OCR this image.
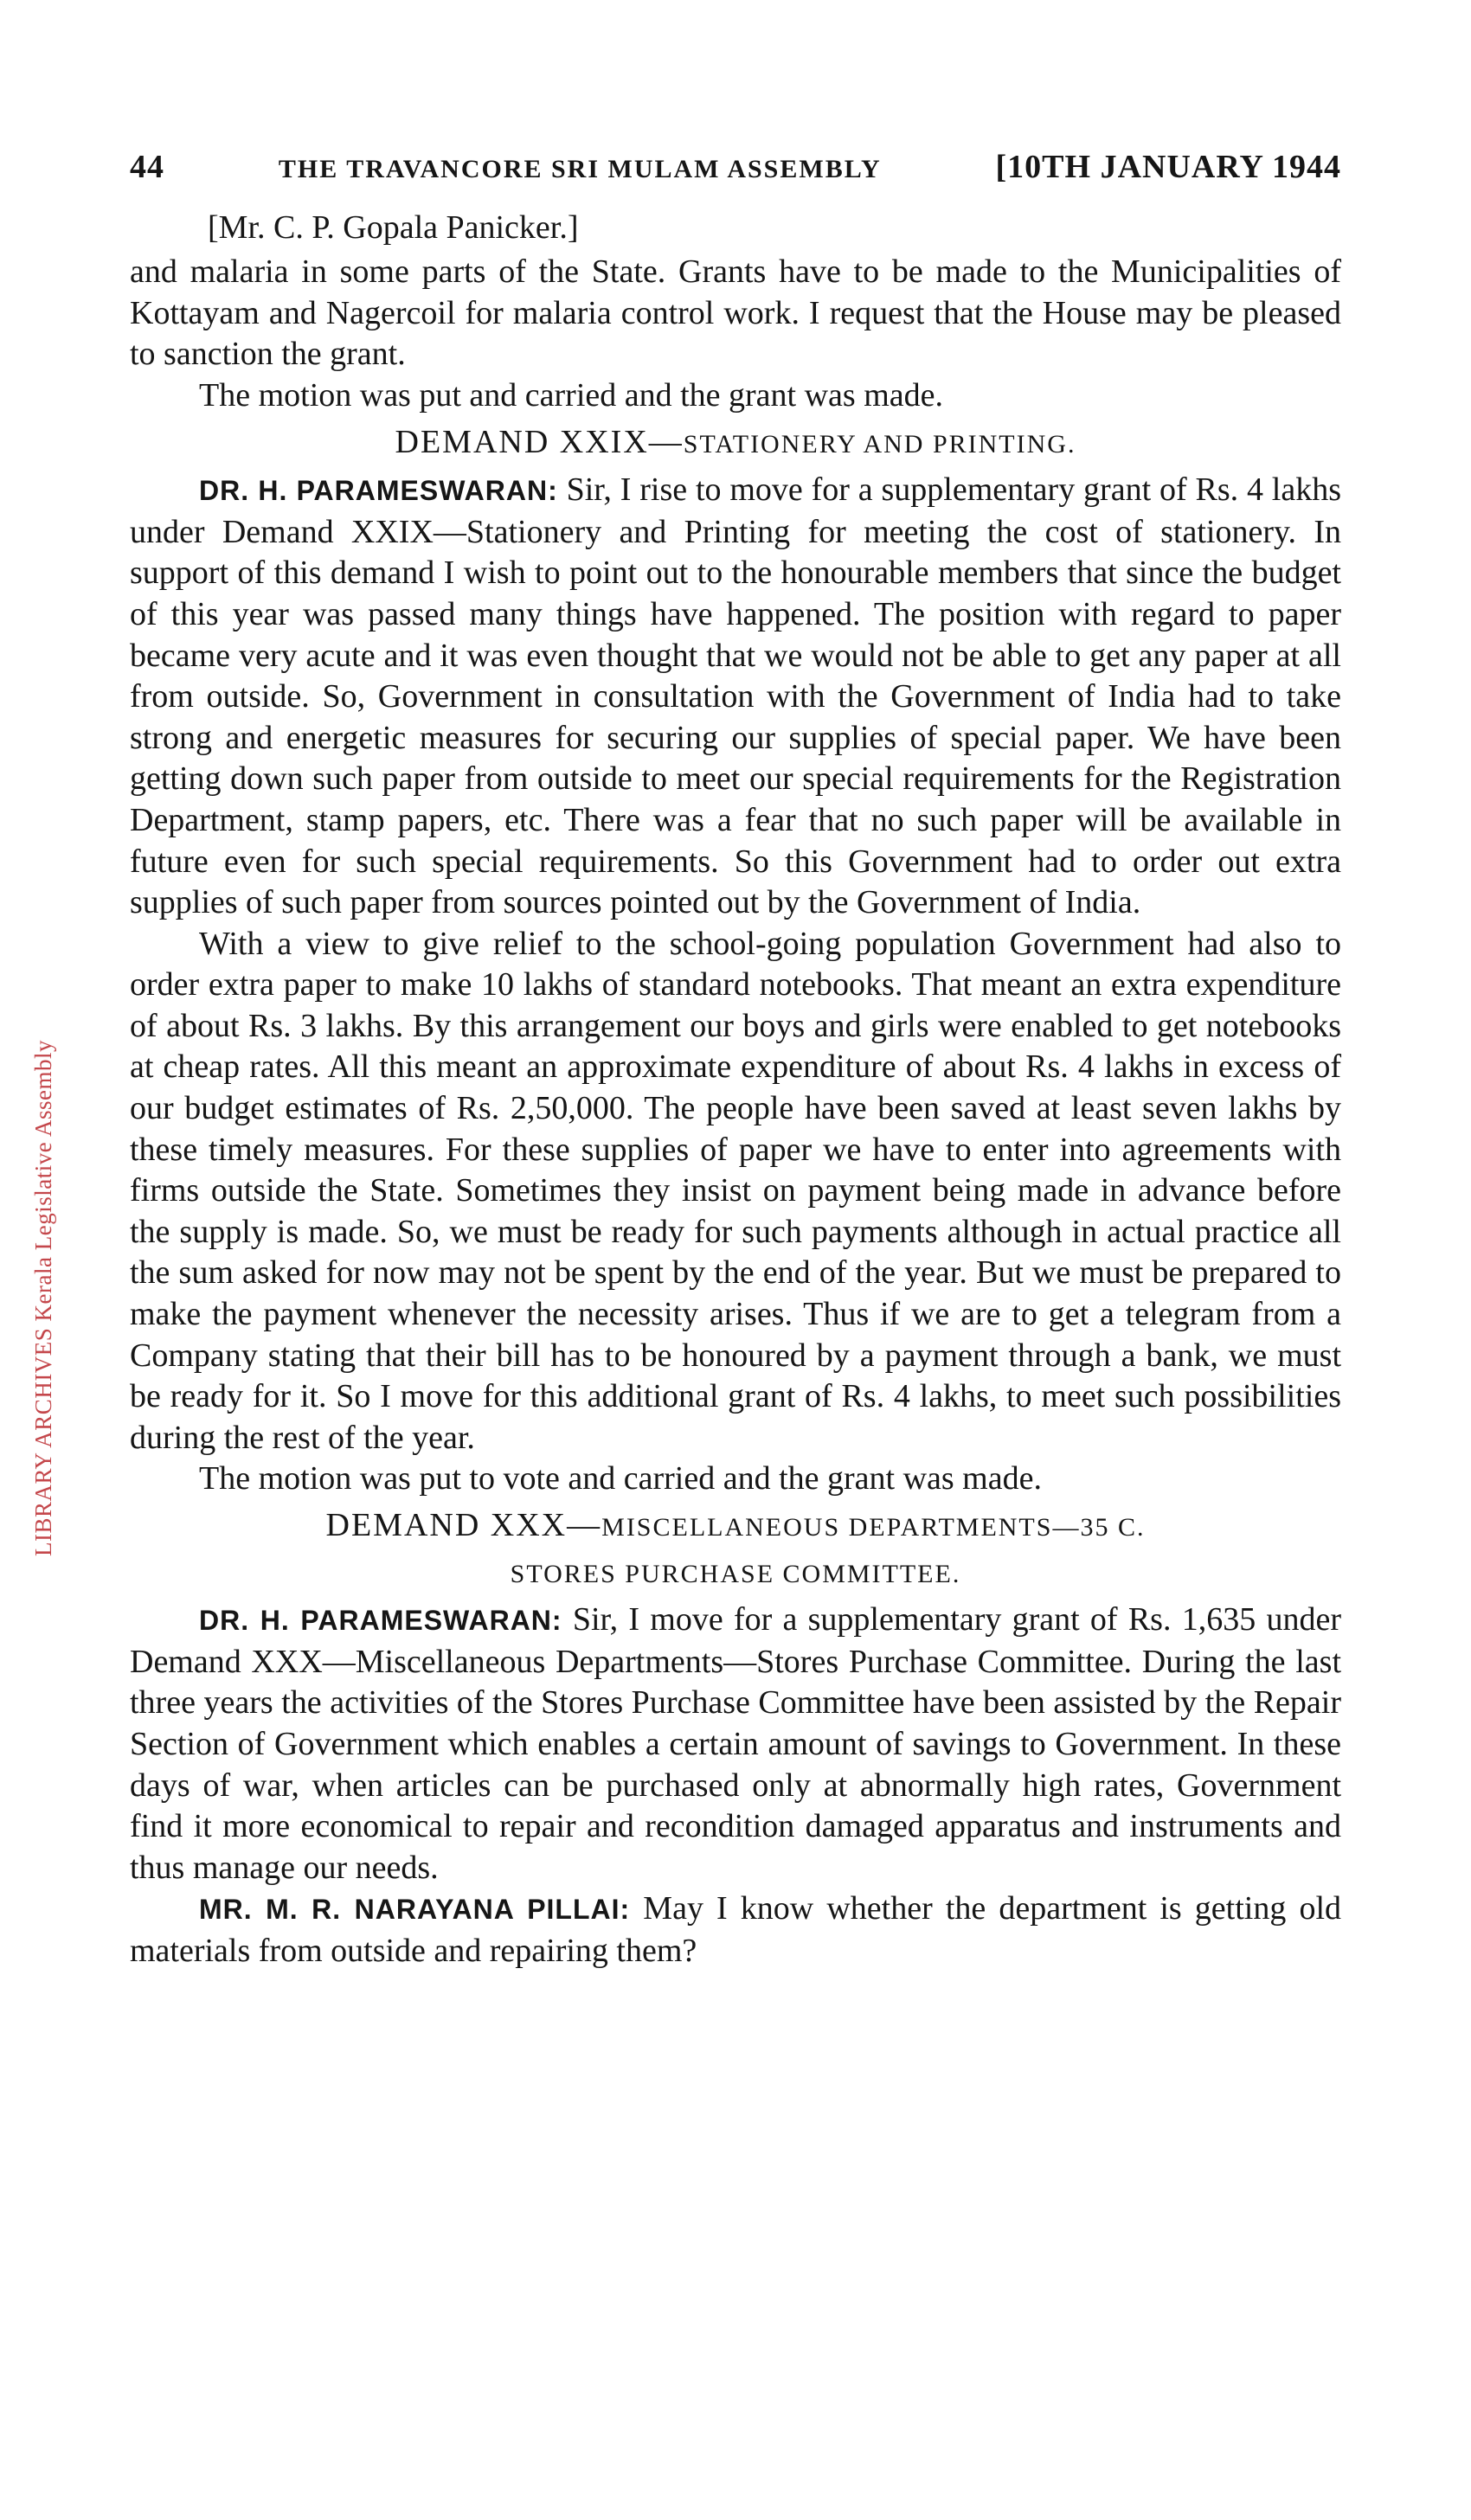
LIBRARY ARCHIVES Kerala Legislative Assembly
44	THE TRAVANCORE SRI MULAM ASSEMBLY	[10TH JANUARY 1944

[Mr. C. P. Gopala Panicker.]

and malaria in some parts of the State. Grants have to be made to the Municipalities of Kottayam and Nagercoil for malaria control work. I request that the House may be pleased to sanction the grant.

The motion was put and carried and the grant was made.

DEMAND XXIX—STATIONERY AND PRINTING.

DR. H. PARAMESWARAN: Sir, I rise to move for a supplementary grant of Rs. 4 lakhs under Demand XXIX—Stationery and Printing for meeting the cost of stationery. In support of this demand I wish to point out to the honourable members that since the budget of this year was passed many things have happened. The position with regard to paper became very acute and it was even thought that we would not be able to get any paper at all from outside. So, Government in consultation with the Government of India had to take strong and energetic measures for securing our supplies of special paper. We have been getting down such paper from outside to meet our special requirements for the Registration Department, stamp papers, etc. There was a fear that no such paper will be available in future even for such special requirements. So this Government had to order out extra supplies of such paper from sources pointed out by the Government of India.

With a view to give relief to the school-going population Government had also to order extra paper to make 10 lakhs of standard notebooks. That meant an extra expenditure of about Rs. 3 lakhs. By this arrangement our boys and girls were enabled to get notebooks at cheap rates. All this meant an approximate expenditure of about Rs. 4 lakhs in excess of our budget estimates of Rs. 2,50,000. The people have been saved at least seven lakhs by these timely measures. For these supplies of paper we have to enter into agreements with firms outside the State. Sometimes they insist on payment being made in advance before the supply is made. So, we must be ready for such payments although in actual practice all the sum asked for now may not be spent by the end of the year. But we must be prepared to make the payment whenever the necessity arises. Thus if we are to get a telegram from a Company stating that their bill has to be honoured by a payment through a bank, we must be ready for it. So I move for this additional grant of Rs. 4 lakhs, to meet such possibilities during the rest of the year.

The motion was put to vote and carried and the grant was made.

DEMAND XXX—MISCELLANEOUS DEPARTMENTS—35 C.

STORES PURCHASE COMMITTEE.

DR. H. PARAMESWARAN: Sir, I move for a supplementary grant of Rs. 1,635 under Demand XXX—Miscellaneous Departments—Stores Purchase Committee. During the last three years the activities of the Stores Purchase Committee have been assisted by the Repair Section of Government which enables a certain amount of savings to Government. In these days of war, when articles can be purchased only at abnormally high rates, Government find it more economical to repair and recondition damaged apparatus and instruments and thus manage our needs.

MR. M. R. NARAYANA PILLAI: May I know whether the department is getting old materials from outside and repairing them?
